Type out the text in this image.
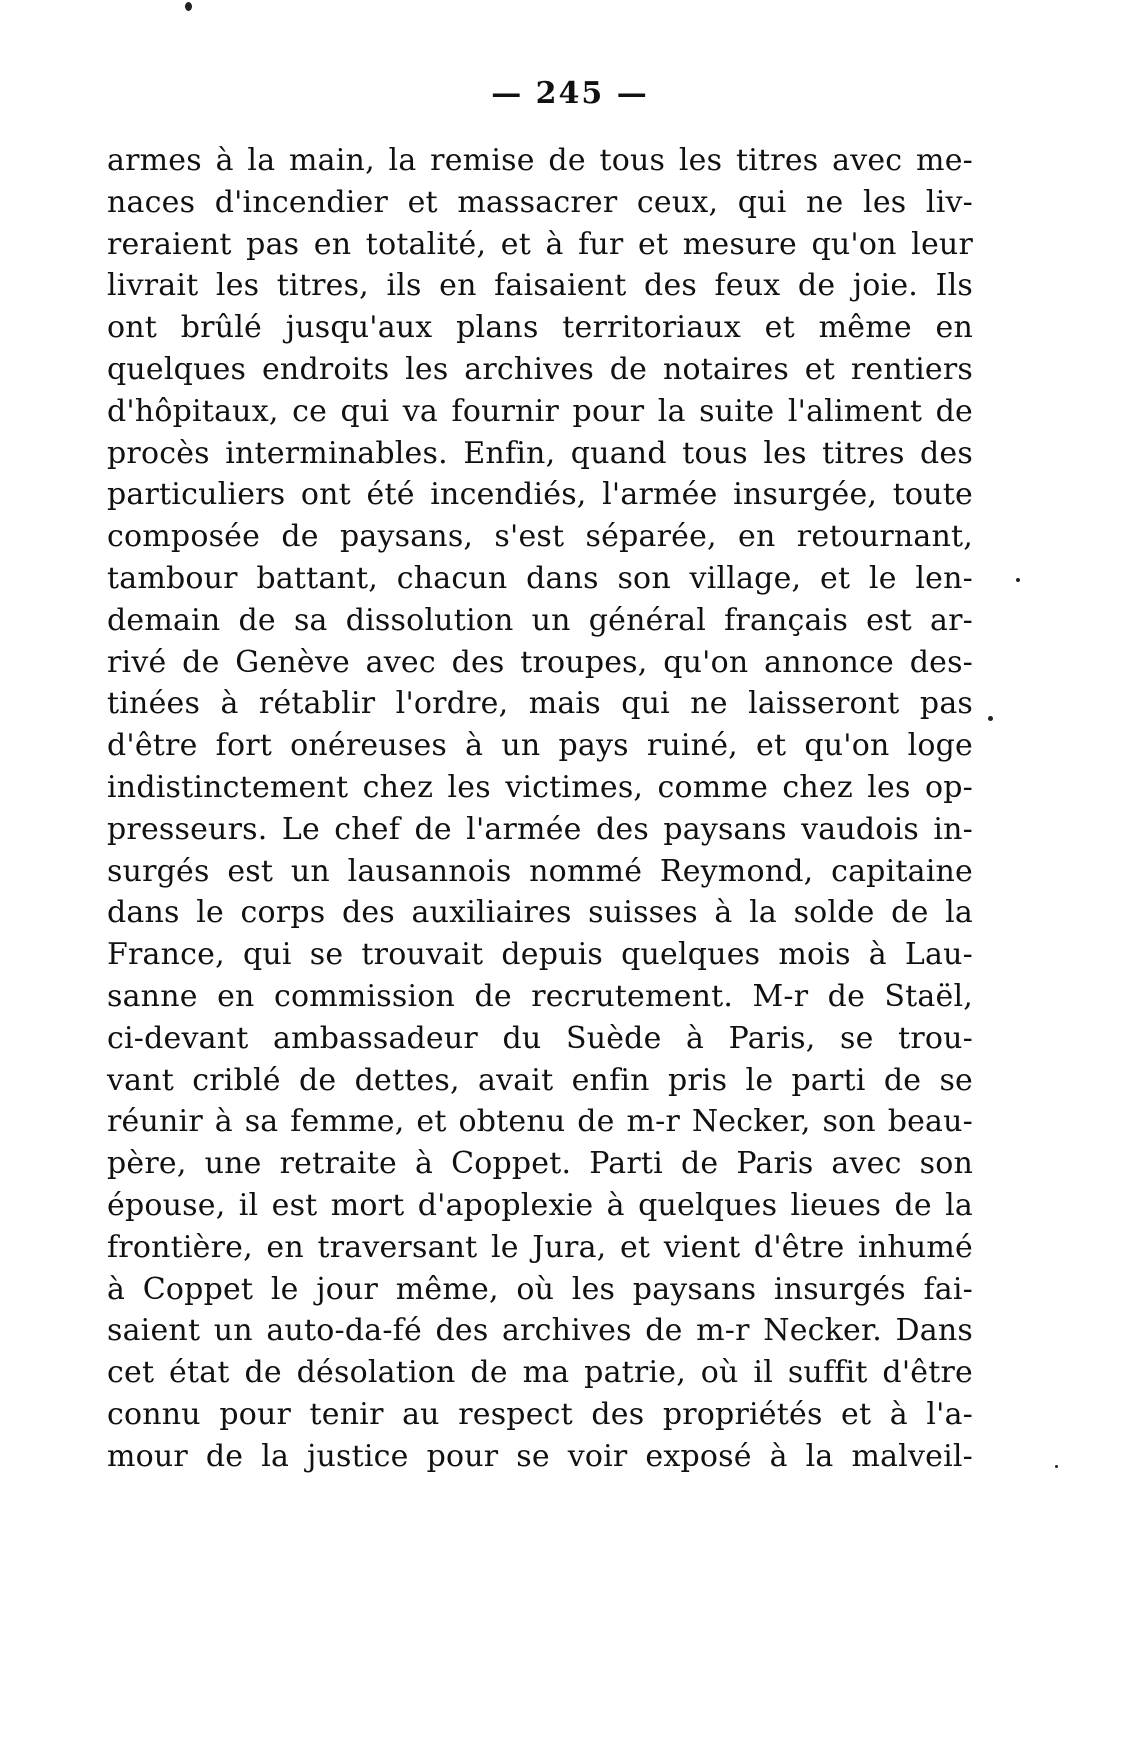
— 245 —
armes à la main, la remise de tous les titres avec me-
naces d'incendier et massacrer ceux, qui ne les liv-
reraient pas en totalité, et à fur et mesure qu'on leur
livrait les titres, ils en faisaient des feux de joie. Ils
ont brûlé jusqu'aux plans territoriaux et même en
quelques endroits les archives de notaires et rentiers
d'hôpitaux, ce qui va fournir pour la suite l'aliment de
procès interminables. Enfin, quand tous les titres des
particuliers ont été incendiés, l'armée insurgée, toute
composée de paysans, s'est séparée, en retournant,
tambour battant, chacun dans son village, et le len-
demain de sa dissolution un général français est ar-
rivé de Genève avec des troupes, qu'on annonce des-
tinées à rétablir l'ordre, mais qui ne laisseront pas
d'être fort onéreuses à un pays ruiné, et qu'on loge
indistinctement chez les victimes, comme chez les op-
presseurs. Le chef de l'armée des paysans vaudois in-
surgés est un lausannois nommé Reymond, capitaine
dans le corps des auxiliaires suisses à la solde de la
France, qui se trouvait depuis quelques mois à Lau-
sanne en commission de recrutement. M-r de Staël,
ci-devant ambassadeur du Suède à Paris, se trou-
vant criblé de dettes, avait enfin pris le parti de se
réunir à sa femme, et obtenu de m-r Necker, son beau-
père, une retraite à Coppet. Parti de Paris avec son
épouse, il est mort d'apoplexie à quelques lieues de la
frontière, en traversant le Jura, et vient d'être inhumé
à Coppet le jour même, où les paysans insurgés fai-
saient un auto-da-fé des archives de m-r Necker. Dans
cet état de désolation de ma patrie, où il suffit d'être
connu pour tenir au respect des propriétés et à l'a-
mour de la justice pour se voir exposé à la malveil-
